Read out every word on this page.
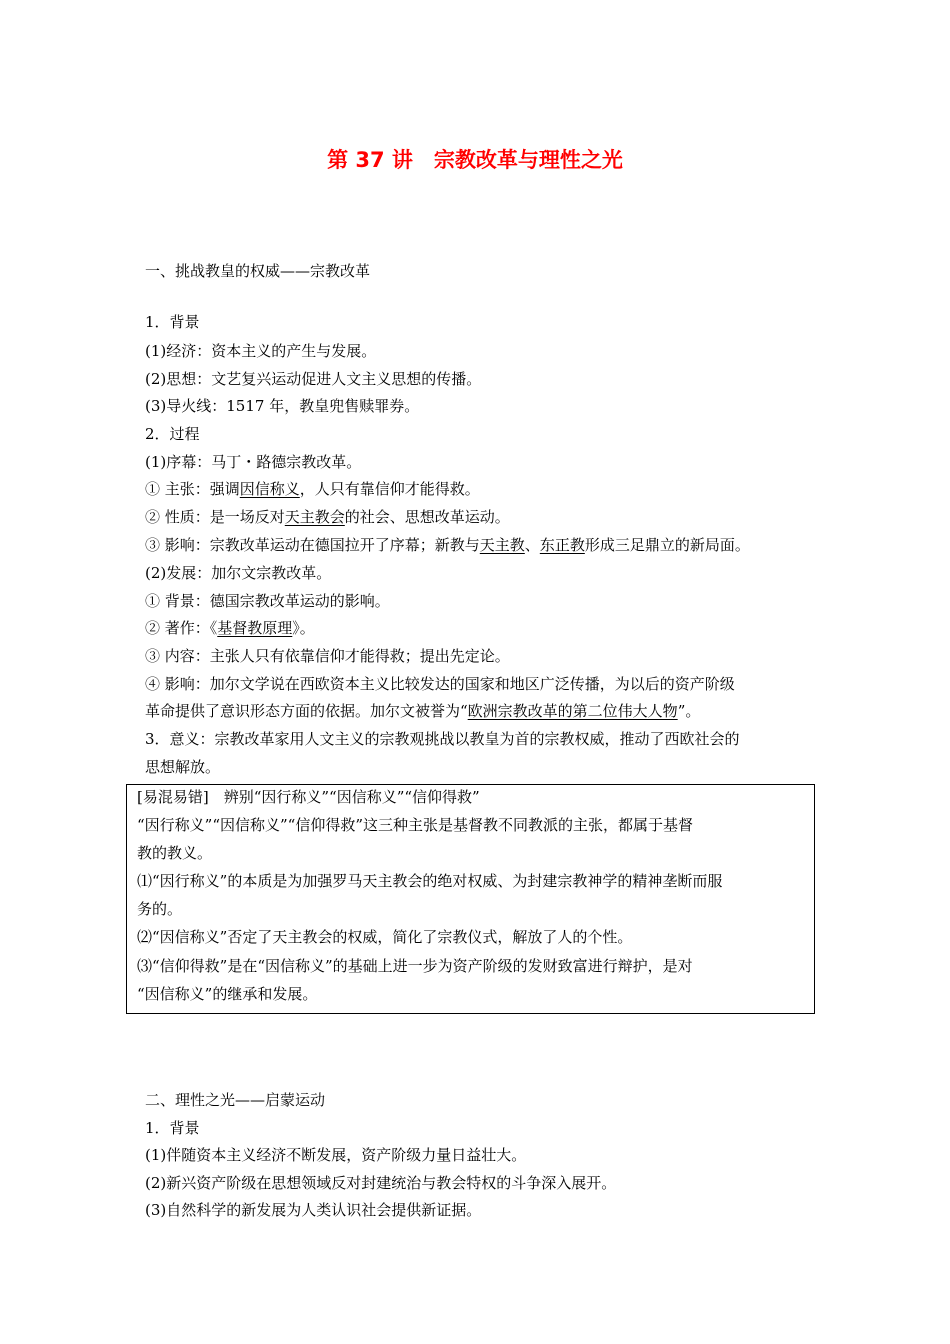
第 37 讲　宗教改革与理性之光
一、挑战教皇的权威——宗教改革
1．背景
(1)经济：资本主义的产生与发展。
(2)思想：文艺复兴运动促进人文主义思想的传播。
(3)导火线：1517 年，教皇兜售赎罪券。
2．过程
(1)序幕：马丁・路德宗教改革。
① 主张：强调因信称义，人只有靠信仰才能得救。
② 性质：是一场反对天主教会的社会、思想改革运动。
③ 影响：宗教改革运动在德国拉开了序幕；新教与天主教、东正教形成三足鼎立的新局面。
(2)发展：加尔文宗教改革。
① 背景：德国宗教改革运动的影响。
② 著作：《基督教原理》。
③ 内容：主张人只有依靠信仰才能得救；提出先定论。
④ 影响：加尔文学说在西欧资本主义比较发达的国家和地区广泛传播，为以后的资产阶级
革命提供了意识形态方面的依据。加尔文被誉为“欧洲宗教改革的第二位伟大人物”。
3．意义：宗教改革家用人文主义的宗教观挑战以教皇为首的宗教权威，推动了西欧社会的
思想解放。
[易混易错]　辨别“因行称义”“因信称义”“信仰得救”
“因行称义”“因信称义”“信仰得救”这三种主张是基督教不同教派的主张，都属于基督
教的教义。
⑴“因行称义”的本质是为加强罗马天主教会的绝对权威、为封建宗教神学的精神垄断而服
务的。
⑵“因信称义”否定了天主教会的权威，简化了宗教仪式，解放了人的个性。
⑶“信仰得救”是在“因信称义”的基础上进一步为资产阶级的发财致富进行辩护，是对
“因信称义”的继承和发展。
二、理性之光——启蒙运动
1．背景
(1)伴随资本主义经济不断发展，资产阶级力量日益壮大。
(2)新兴资产阶级在思想领域反对封建统治与教会特权的斗争深入展开。
(3)自然科学的新发展为人类认识社会提供新证据。
